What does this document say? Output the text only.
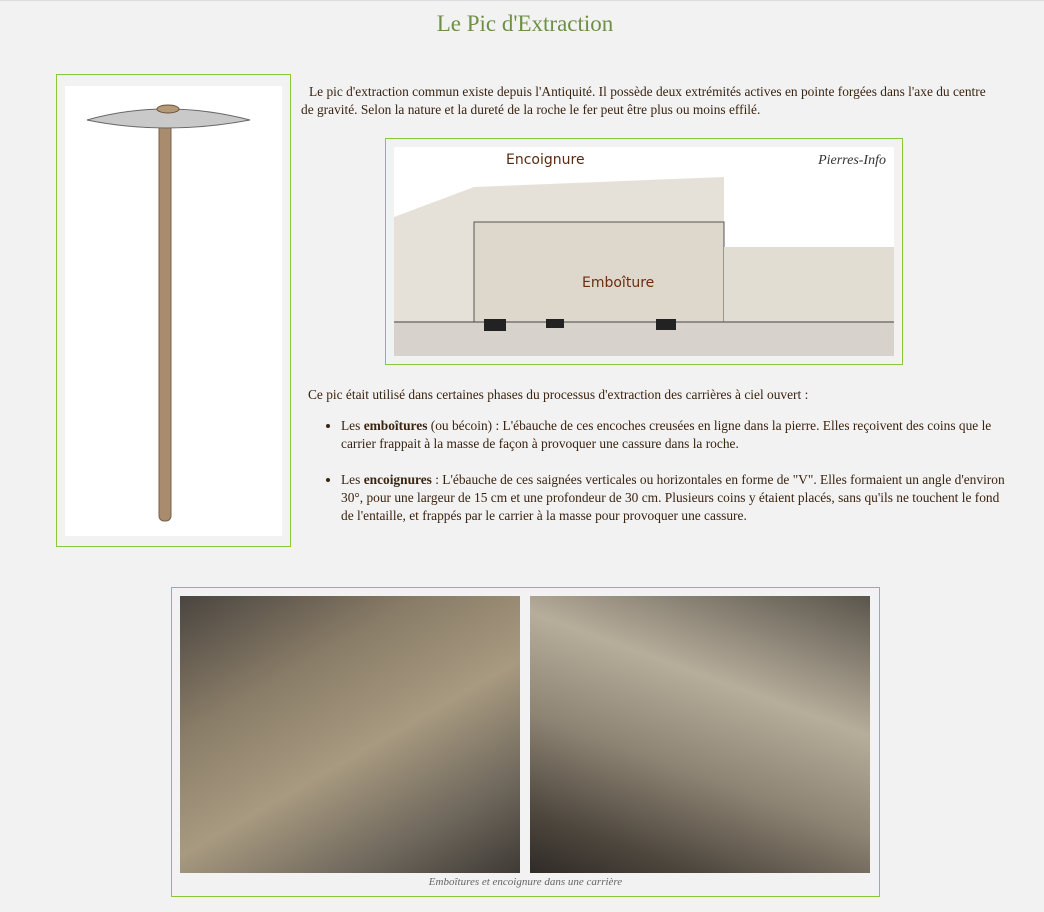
Le Pic d'Extraction
Le pic d'extraction commun existe depuis l'Antiquité. Il possède deux extrémités actives en pointe forgées dans l'axe du centre de gravité. Selon la nature et la dureté de la roche le fer peut être plus ou moins effilé.
Encoignure
Emboîture
Pierres-Info
Ce pic était utilisé dans certaines phases du processus d'extraction des carrières à ciel ouvert :
• Les emboîtures (ou bécoin) : L'ébauche de ces encoches creusées en ligne dans la pierre. Elles reçoivent des coins que le carrier frappait à la masse de façon à provoquer une cassure dans la roche.
• Les encoignures : L'ébauche de ces saignées verticales ou horizontales en forme de "V". Elles formaient un angle d'environ 30°, pour une largeur de 15 cm et une profondeur de 30 cm. Plusieurs coins y étaient placés, sans qu'ils ne touchent le fond de l'entaille, et frappés par le carrier à la masse pour provoquer une cassure.
Emboîtures et encoignure dans une carrière
